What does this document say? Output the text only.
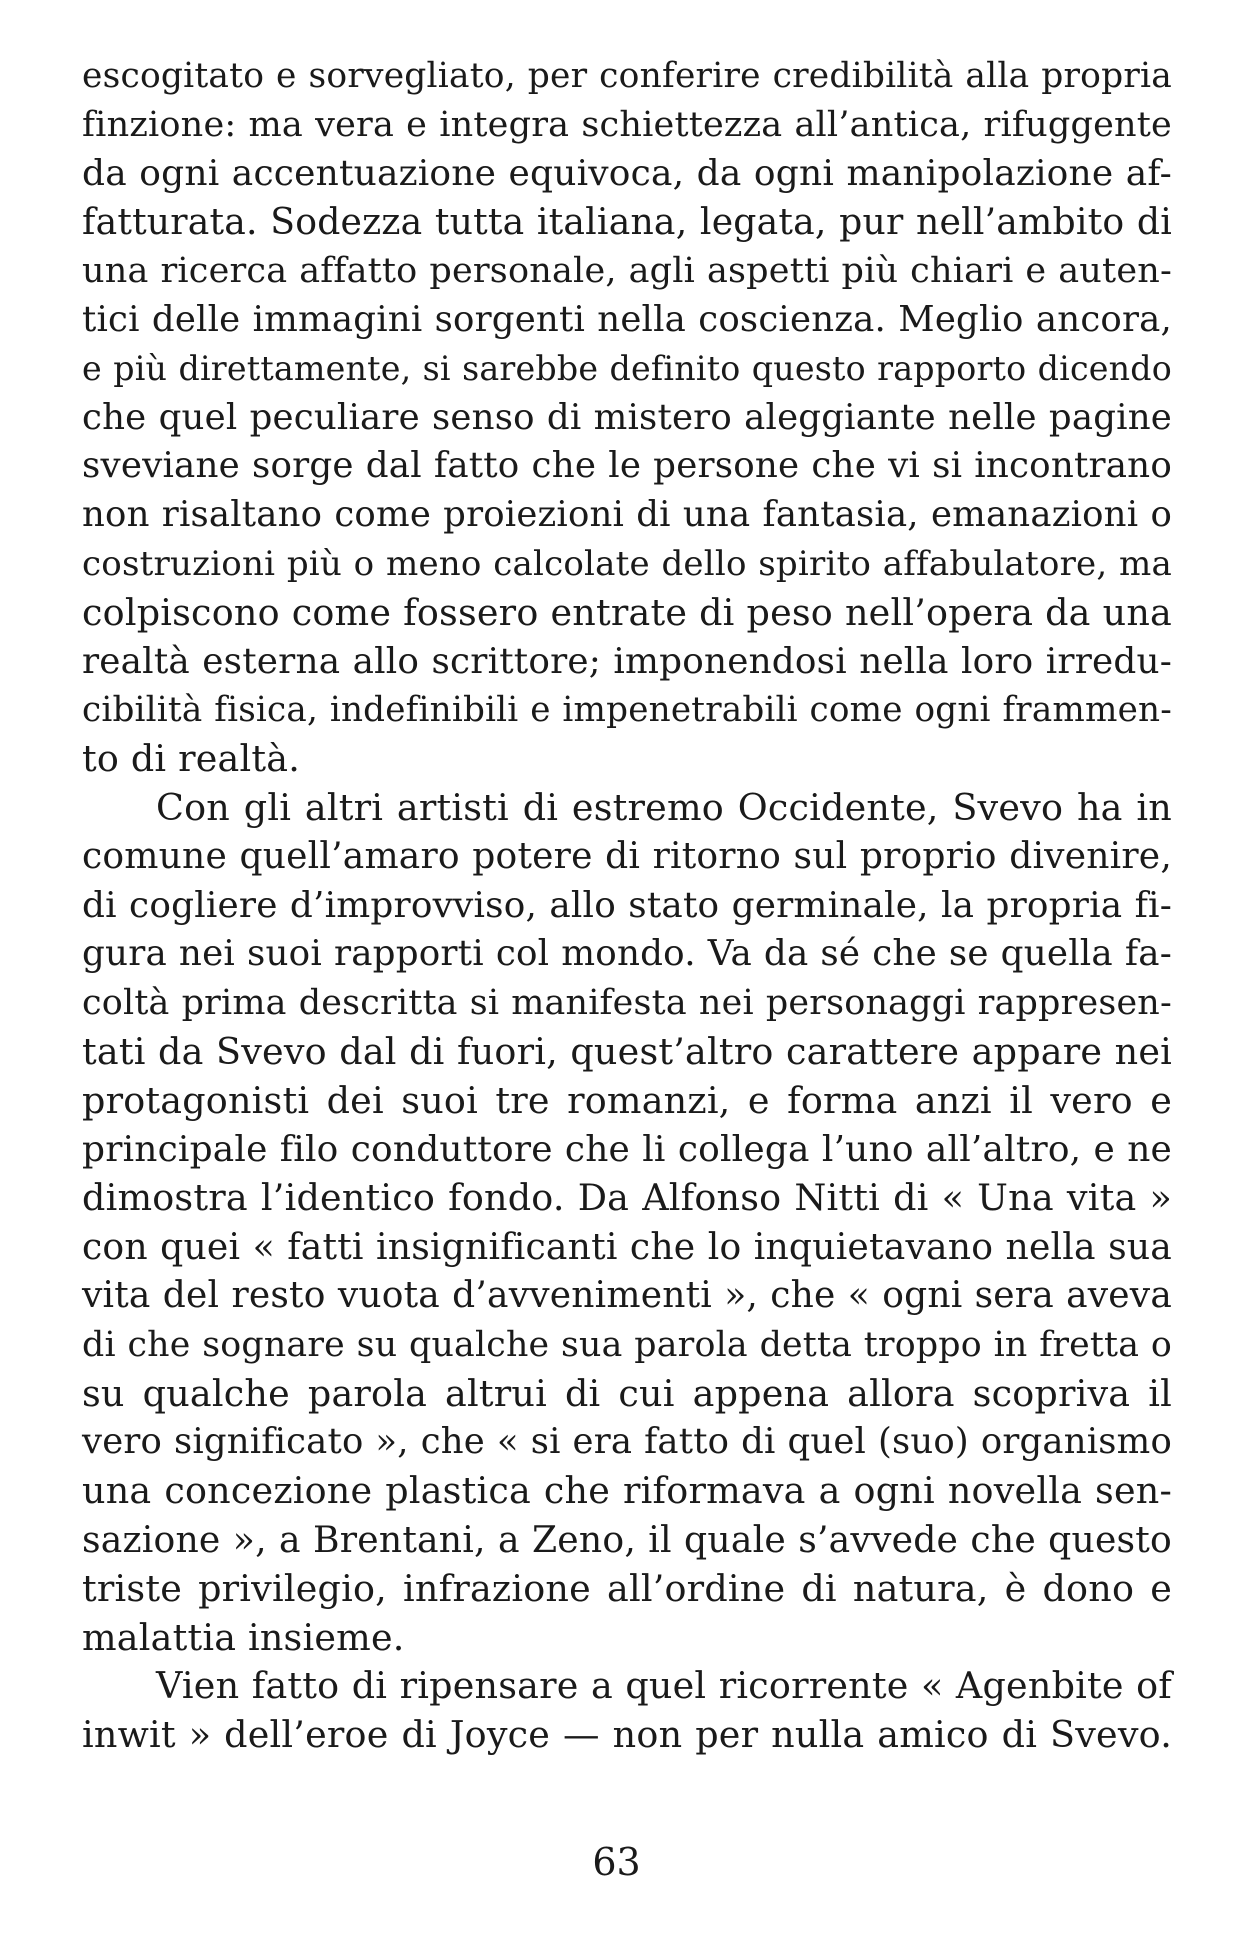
escogitato e sorvegliato, per conferire credibilità alla propria
finzione: ma vera e integra schiettezza all’antica, rifuggente
da ogni accentuazione equivoca, da ogni manipolazione af-
fatturata. Sodezza tutta italiana, legata, pur nell’ambito di
una ricerca affatto personale, agli aspetti più chiari e auten-
tici delle immagini sorgenti nella coscienza. Meglio ancora,
e più direttamente, si sarebbe definito questo rapporto dicendo
che quel peculiare senso di mistero aleggiante nelle pagine
sveviane sorge dal fatto che le persone che vi si incontrano
non risaltano come proiezioni di una fantasia, emanazioni o
costruzioni più o meno calcolate dello spirito affabulatore, ma
colpiscono come fossero entrate di peso nell’opera da una
realtà esterna allo scrittore; imponendosi nella loro irredu-
cibilità fisica, indefinibili e impenetrabili come ogni frammen-
to di realtà.
Con gli altri artisti di estremo Occidente, Svevo ha in
comune quell’amaro potere di ritorno sul proprio divenire,
di cogliere d’improvviso, allo stato germinale, la propria fi-
gura nei suoi rapporti col mondo. Va da sé che se quella fa-
coltà prima descritta si manifesta nei personaggi rappresen-
tati da Svevo dal di fuori, quest’altro carattere appare nei
protagonisti dei suoi tre romanzi, e forma anzi il vero e
principale filo conduttore che li collega l’uno all’altro, e ne
dimostra l’identico fondo. Da Alfonso Nitti di « Una vita »
con quei « fatti insignificanti che lo inquietavano nella sua
vita del resto vuota d’avvenimenti », che « ogni sera aveva
di che sognare su qualche sua parola detta troppo in fretta o
su qualche parola altrui di cui appena allora scopriva il
vero significato », che « si era fatto di quel (suo) organismo
una concezione plastica che riformava a ogni novella sen-
sazione », a Brentani, a Zeno, il quale s’avvede che questo
triste privilegio, infrazione all’ordine di natura, è dono e
malattia insieme.
Vien fatto di ripensare a quel ricorrente « Agenbite of
inwit » dell’eroe di Joyce — non per nulla amico di Svevo.
63
